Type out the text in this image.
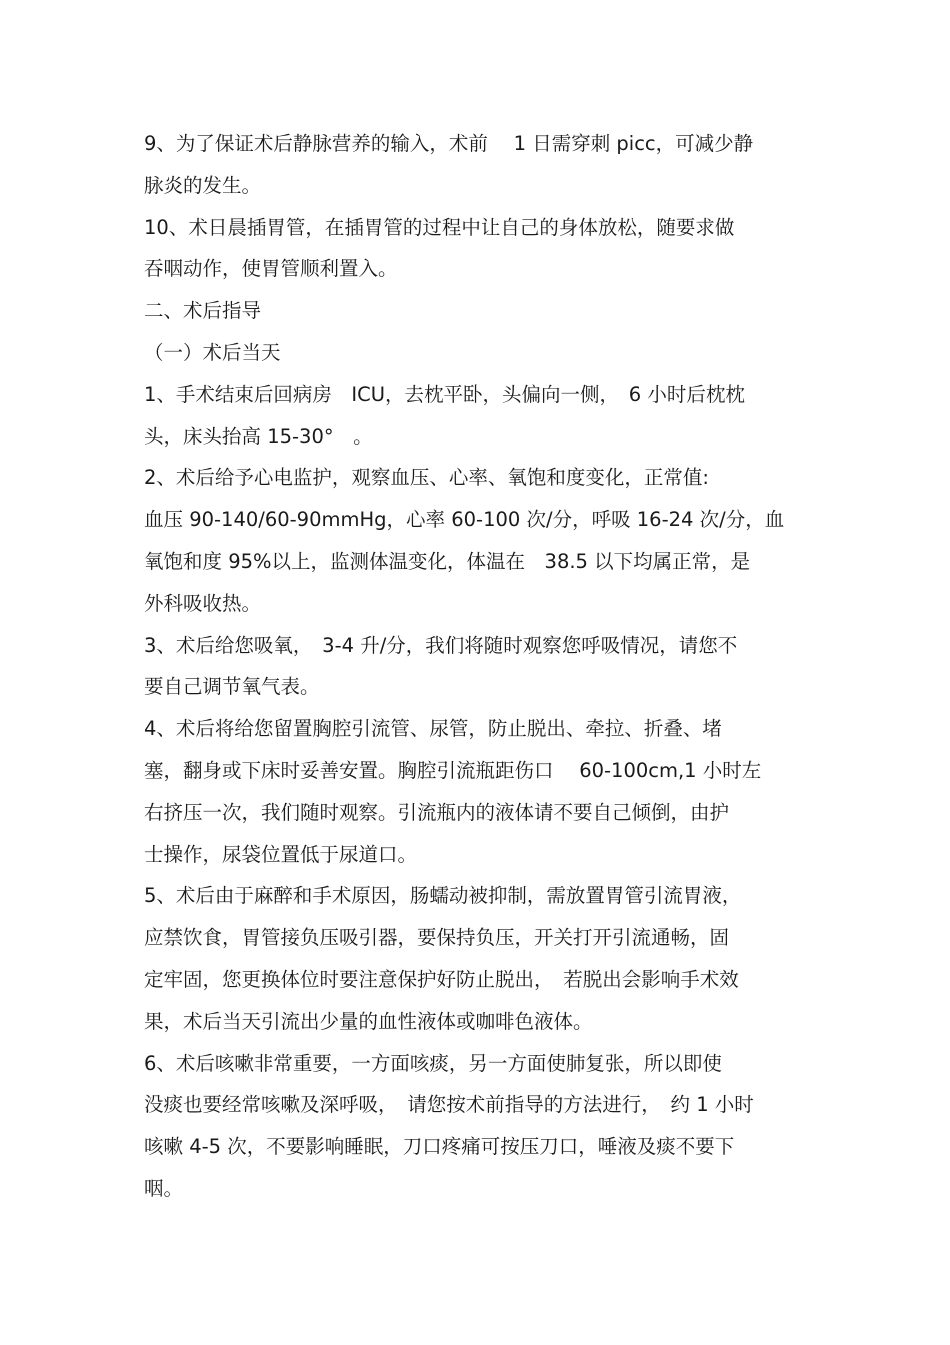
9、为了保证术后静脉营养的输入，术前　 1 日需穿刺 picc，可减少静
脉炎的发生。
10、术日晨插胃管，在插胃管的过程中让自己的身体放松，随要求做
吞咽动作，使胃管顺利置入。
二、术后指导
（一）术后当天
1、手术结束后回病房　ICU，去枕平卧，头偏向一侧，　6 小时后枕枕
头，床头抬高 15-30°　。
2、术后给予心电监护，观察血压、心率、氧饱和度变化，正常值:
血压 90-140/60-90mmHg，心率 60-100 次/分，呼吸 16-24 次/分，血
氧饱和度 95%以上，监测体温变化，体温在　38.5 以下均属正常，是
外科吸收热。
3、术后给您吸氧，　3-4 升/分，我们将随时观察您呼吸情况，请您不
要自己调节氧气表。
4、术后将给您留置胸腔引流管、尿管，防止脱出、牵拉、折叠、堵
塞，翻身或下床时妥善安置。胸腔引流瓶距伤口　 60-100cm,1 小时左
右挤压一次，我们随时观察。引流瓶内的液体请不要自己倾倒，由护
士操作，尿袋位置低于尿道口。
5、术后由于麻醉和手术原因，肠蠕动被抑制，需放置胃管引流胃液，
应禁饮食，胃管接负压吸引器，要保持负压，开关打开引流通畅，固
定牢固，您更换体位时要注意保护好防止脱出，　若脱出会影响手术效
果，术后当天引流出少量的血性液体或咖啡色液体。
6、术后咳嗽非常重要，一方面咳痰，另一方面使肺复张，所以即使
没痰也要经常咳嗽及深呼吸，　请您按术前指导的方法进行，　约 1 小时
咳嗽 4-5 次，不要影响睡眠，刀口疼痛可按压刀口，唾液及痰不要下
咽。
